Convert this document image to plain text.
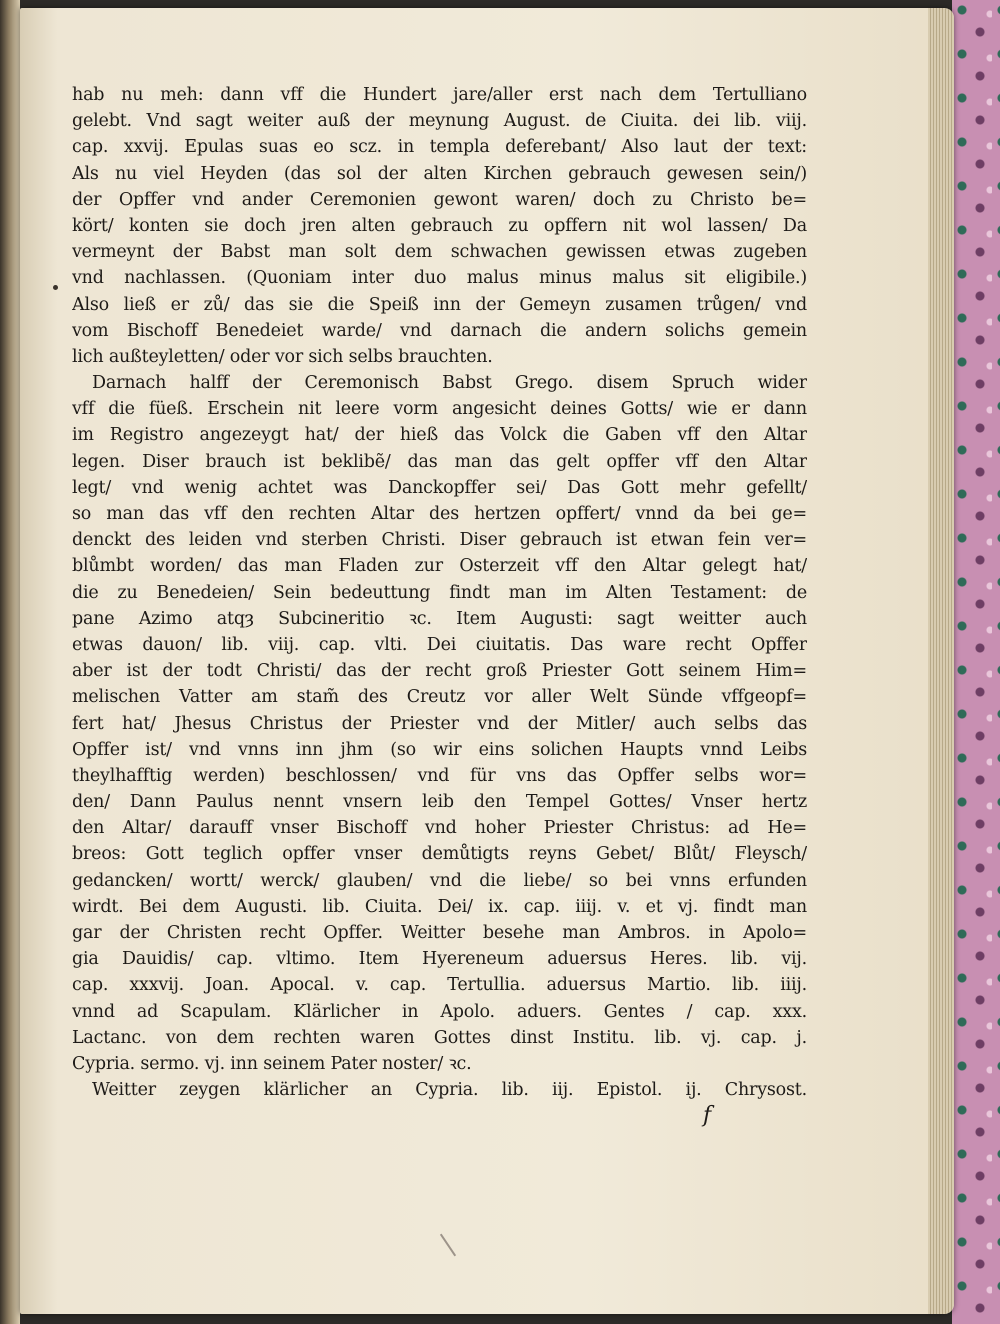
hab nu meh: dann vff die Hundert jare/aller erst nach dem Tertulliano
gelebt. Vnd sagt weiter auß der meynung August. de Ciuita. dei lib. viij.
cap. xxvij. Epulas suas eo scz. in templa deferebant/ Also laut der text:
Als nu viel Heyden (das sol der alten Kirchen gebrauch gewesen sein/)
der Opffer vnd ander Ceremonien gewont waren/ doch zu Christo be=
kört/ konten sie doch jren alten gebrauch zu opffern nit wol lassen/ Da
vermeynt der Babst man solt dem schwachen gewissen etwas zugeben
vnd nachlassen. (Quoniam inter duo malus minus malus sit eligibile.)
Also ließ er zů/ das sie die Speiß inn der Gemeyn zusamen trůgen/ vnd
vom Bischoff Benedeiet warde/ vnd darnach die andern solichs gemein
lich außteyletten/ oder vor sich selbs brauchten.
Darnach halff der Ceremonisch Babst Grego. disem Spruch wider
vff die füeß. Erschein nit leere vorm angesicht deines Gotts/ wie er dann
im Registro angezeygt hat/ der hieß das Volck die Gaben vff den Altar
legen. Diser brauch ist beklibẽ/ das man das gelt opffer vff den Altar
legt/ vnd wenig achtet was Danckopffer sei/ Das Gott mehr gefellt/
so man das vff den rechten Altar des hertzen opffert/ vnnd da bei ge=
denckt des leiden vnd sterben Christi. Diser gebrauch ist etwan fein ver=
blůmbt worden/ das man Fladen zur Osterzeit vff den Altar gelegt hat/
die zu Benedeien/ Sein bedeuttung findt man im Alten Testament: de
pane Azimo atqȝ Subcineritio ꝛc. Item Augusti: sagt weitter auch
etwas dauon/ lib. viij. cap. vlti. Dei ciuitatis. Das ware recht Opffer
aber ist der todt Christi/ das der recht groß Priester Gott seinem Him=
melischen Vatter am stam̃ des Creutz vor aller Welt Sünde vffgeopf=
fert hat/ Jhesus Christus der Priester vnd der Mitler/ auch selbs das
Opffer ist/ vnd vnns inn jhm (so wir eins solichen Haupts vnnd Leibs
theylhafftig werden) beschlossen/ vnd für vns das Opffer selbs wor=
den/ Dann Paulus nennt vnsern leib den Tempel Gottes/ Vnser hertz
den Altar/ darauff vnser Bischoff vnd hoher Priester Christus: ad He=
breos: Gott teglich opffer vnser demůtigts reyns Gebet/ Blůt/ Fleysch/
gedancken/ wortt/ werck/ glauben/ vnd die liebe/ so bei vnns erfunden
wirdt. Bei dem Augusti. lib. Ciuita. Dei/ ix. cap. iiij. v. et vj. findt man
gar der Christen recht Opffer. Weitter besehe man Ambros. in Apolo=
gia Dauidis/ cap. vltimo. Item Hyereneum aduersus Heres. lib. vij.
cap. xxxvij. Joan. Apocal. v. cap. Tertullia. aduersus Martio. lib. iiij.
vnnd ad Scapulam. Klärlicher in Apolo. aduers. Gentes / cap. xxx.
Lactanc. von dem rechten waren Gottes dinst Institu. lib. vj. cap. j.
Cypria. sermo. vj. inn seinem Pater noster/ ꝛc.
Weitter zeygen klärlicher an Cypria. lib. iij. Epistol. ij. Chrysost.
f
